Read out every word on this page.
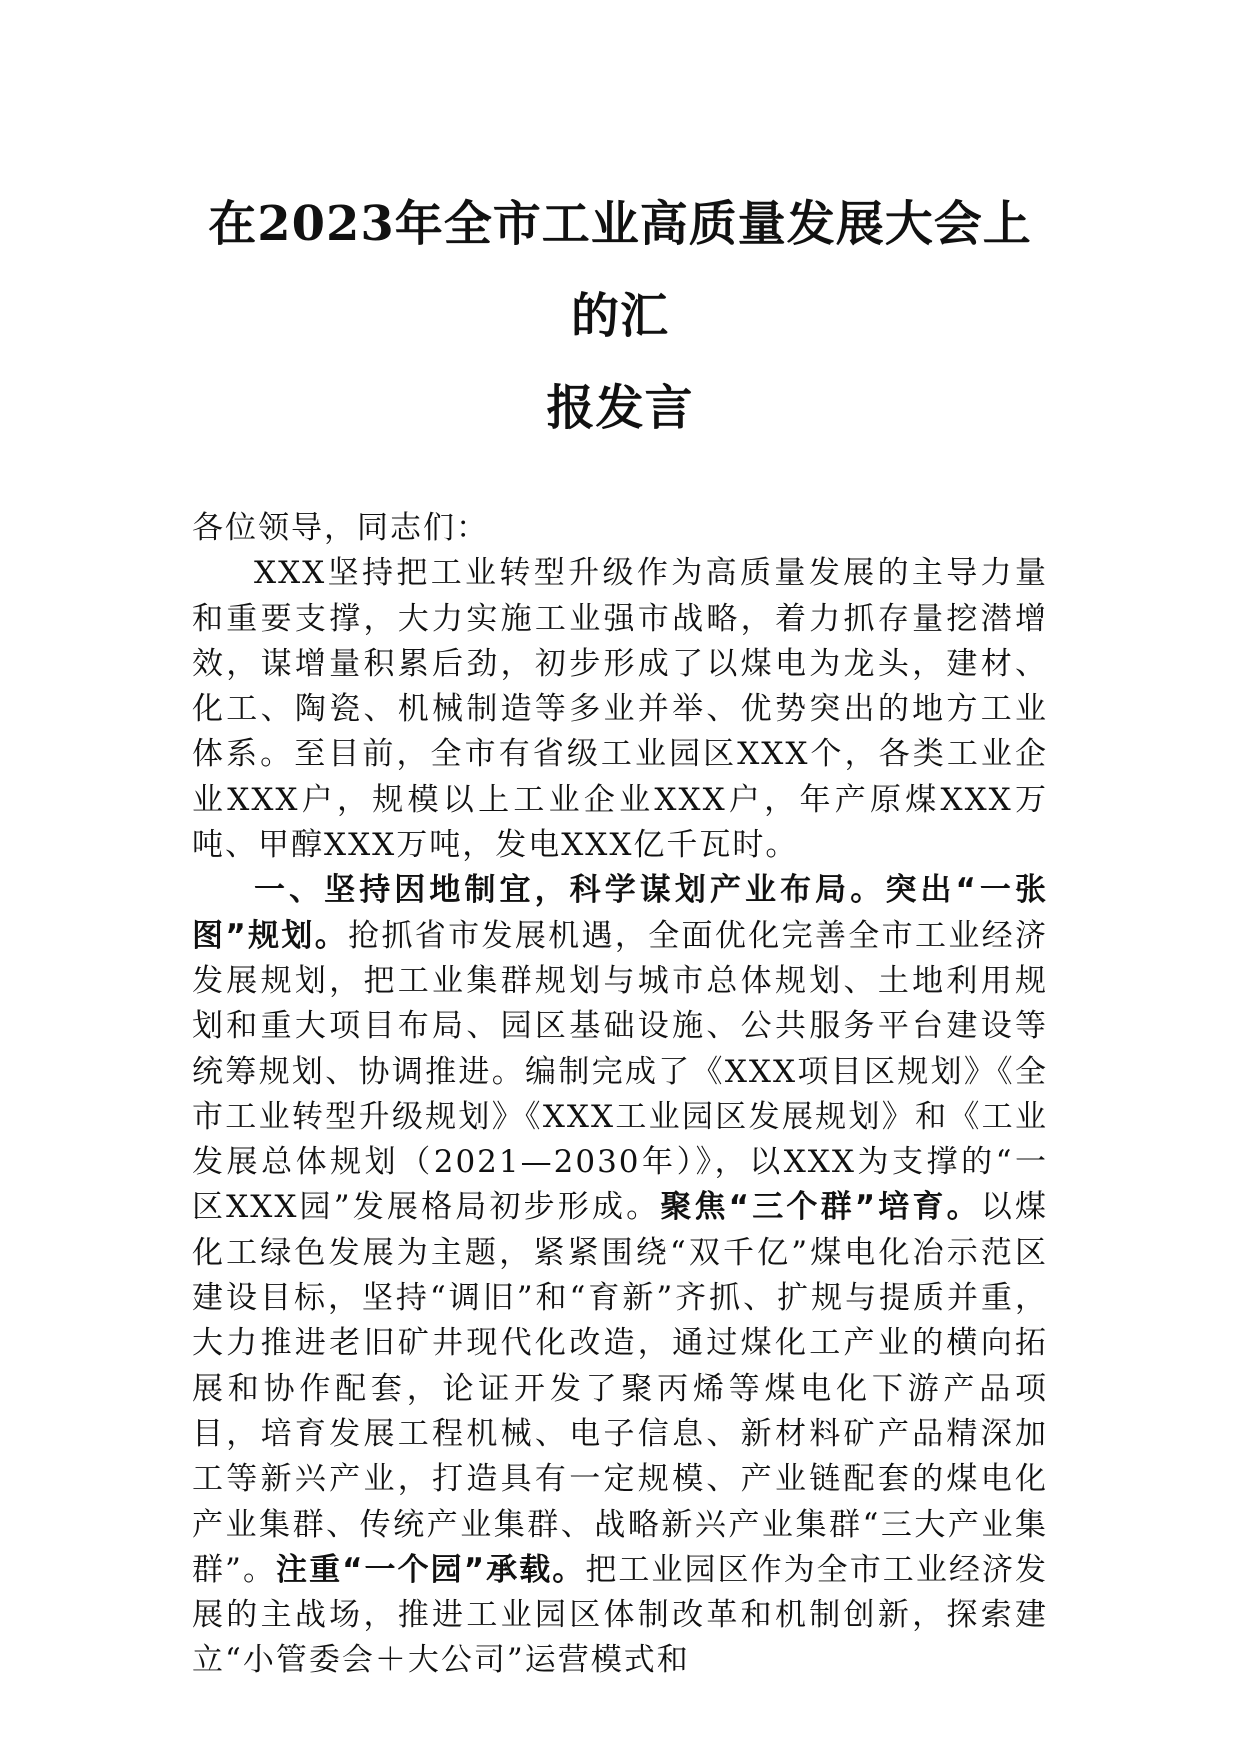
在2023年全市工业高质量发展大会上的汇
报发言
各位领导，同志们：

XXX坚持把工业转型升级作为高质量发展的主导力量和重要支撑，大力实施工业强市战略，着力抓存量挖潜增效，谋增量积累后劲，初步形成了以煤电为龙头，建材、化工、陶瓷、机械制造等多业并举、优势突出的地方工业体系。至目前，全市有省级工业园区XXX个，各类工业企业XXX户，规模以上工业企业XXX户，年产原煤XXX万吨、甲醇XXX万吨，发电XXX亿千瓦时。

一、坚持因地制宜，科学谋划产业布局。突出“一张图”规划。抢抓省市发展机遇，全面优化完善全市工业经济发展规划，把工业集群规划与城市总体规划、土地利用规划和重大项目布局、园区基础设施、公共服务平台建设等统筹规划、协调推进。编制完成了《XXX项目区规划》《全市工业转型升级规划》《XXX工业园区发展规划》和《工业发展总体规划（2021—2030年）》，以XXX为支撑的“一区XXX园”发展格局初步形成。聚焦“三个群”培育。以煤化工绿色发展为主题，紧紧围绕“双千亿”煤电化冶示范区建设目标，坚持“调旧”和“育新”齐抓、扩规与提质并重，大力推进老旧矿井现代化改造，通过煤化工产业的横向拓展和协作配套，论证开发了聚丙烯等煤电化下游产品项目，培育发展工程机械、电子信息、新材料矿产品精深加工等新兴产业，打造具有一定规模、产业链配套的煤电化产业集群、传统产业集群、战略新兴产业集群“三大产业集群”。注重“一个园”承载。把工业园区作为全市工业经济发展的主战场，推进工业园区体制改革和机制创新，探索建立“小管委会＋大公司”运营模式和
